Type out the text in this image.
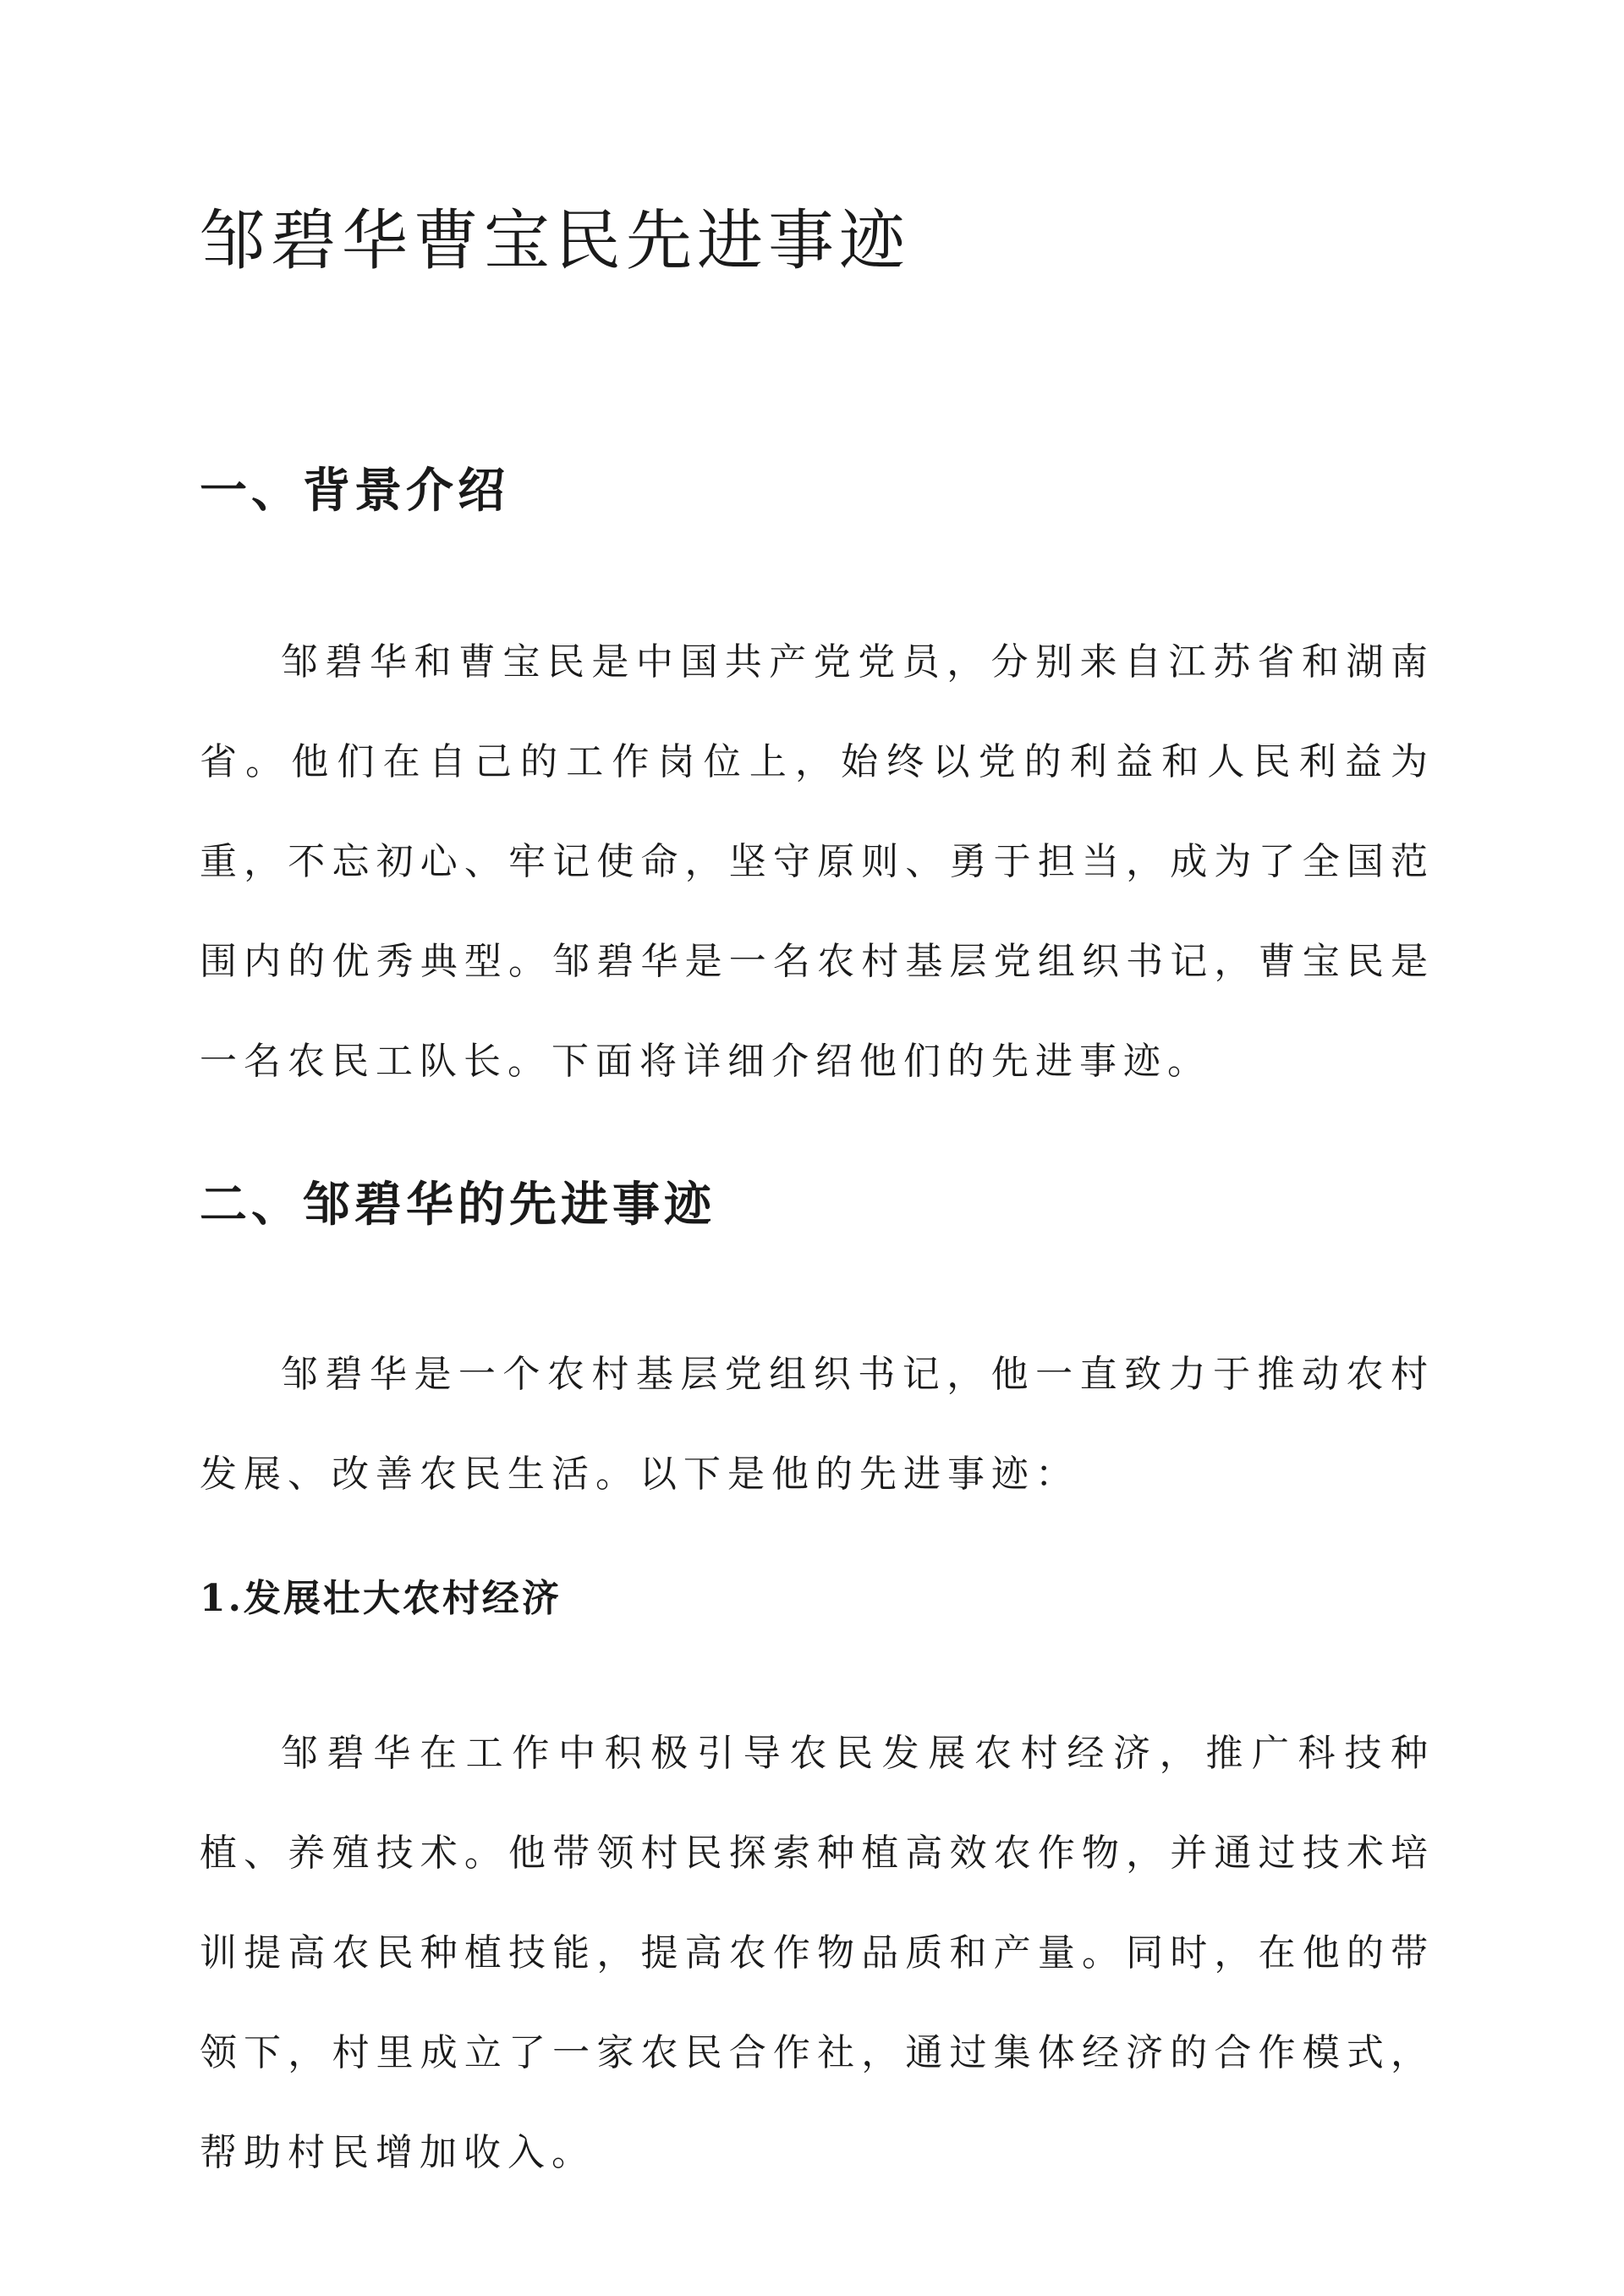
邹碧华曹宝民先进事迹
一、背景介绍

邹碧华和曹宝民是中国共产党党员，分别来自江苏省和湖南省。他们在自己的工作岗位上，始终以党的利益和人民利益为重，不忘初心、牢记使命，坚守原则、勇于担当，成为了全国范围内的优秀典型。邹碧华是一名农村基层党组织书记，曹宝民是一名农民工队长。下面将详细介绍他们的先进事迹。

二、邹碧华的先进事迹

邹碧华是一个农村基层党组织书记，他一直致力于推动农村发展、改善农民生活。以下是他的先进事迹：

1.发展壮大农村经济

邹碧华在工作中积极引导农民发展农村经济，推广科技种植、养殖技术。他带领村民探索种植高效农作物，并通过技术培训提高农民种植技能，提高农作物品质和产量。同时，在他的带领下，村里成立了一家农民合作社，通过集体经济的合作模式，帮助村民增加收入。
